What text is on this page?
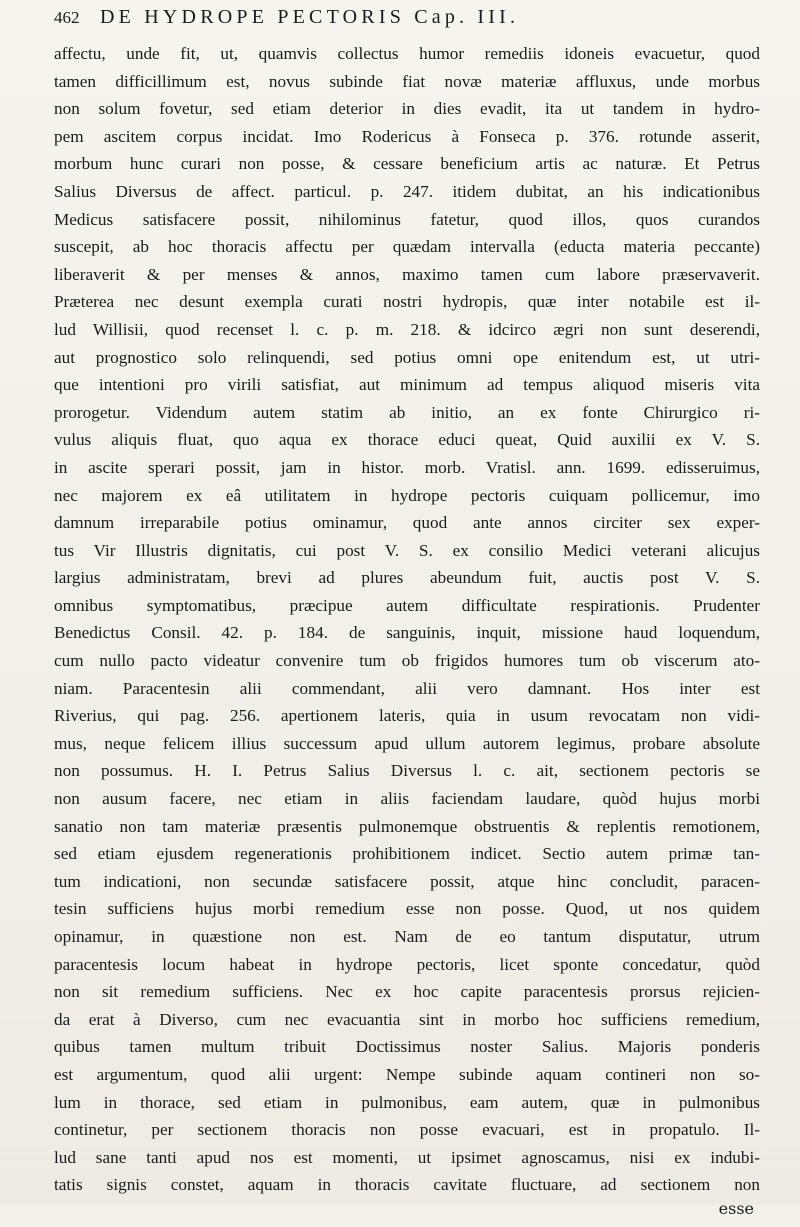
462	DE HYDROPE PECTORIS Cap. III.
affectu, unde fit, ut, quamvis collectus humor remediis idoneis evacuetur, quod
tamen difficillimum est, novus subinde fiat novæ materiæ affluxus, unde morbus
non solum fovetur, sed etiam deterior in dies evadit, ita ut tandem in hydro-
pem ascitem corpus incidat. Imo Rodericus à Fonseca p. 376. rotunde asserit,
morbum hunc curari non posse, & cessare beneficium artis ac naturæ. Et Petrus
Salius Diversus de affect. particul. p. 247. itidem dubitat, an his indicationibus
Medicus satisfacere possit, nihilominus fatetur, quod illos, quos curandos
suscepit, ab hoc thoracis affectu per quædam intervalla (educta materia peccante)
liberaverit & per menses & annos, maximo tamen cum labore præservaverit.
Præterea nec desunt exempla curati nostri hydropis, quæ inter notabile est il-
lud Willisii, quod recenset l. c. p. m. 218. & idcirco ægri non sunt deserendi,
aut prognostico solo relinquendi, sed potius omni ope enitendum est, ut utri-
que intentioni pro virili satisfiat, aut minimum ad tempus aliquod miseris vita
prorogetur. Videndum autem statim ab initio, an ex fonte Chirurgico ri-
vulus aliquis fluat, quo aqua ex thorace educi queat, Quid auxilii ex V. S.
in ascite sperari possit, jam in histor. morb. Vratisl. ann. 1699. edisseruimus,
nec majorem ex eâ utilitatem in hydrope pectoris cuiquam pollicemur, imo
damnum irreparabile potius ominamur, quod ante annos circiter sex exper-
tus Vir Illustris dignitatis, cui post V. S. ex consilio Medici veterani alicujus
largius administratam, brevi ad plures abeundum fuit, auctis post V. S.
omnibus symptomatibus, præcipue autem difficultate respirationis. Prudenter
Benedictus Consil. 42. p. 184. de sanguinis, inquit, missione haud loquendum,
cum nullo pacto videatur convenire tum ob frigidos humores tum ob viscerum ato-
niam. Paracentesin alii commendant, alii vero damnant. Hos inter est
Riverius, qui pag. 256. apertionem lateris, quia in usum revocatam non vidi-
mus, neque felicem illius successum apud ullum autorem legimus, probare absolute
non possumus. H. I. Petrus Salius Diversus l. c. ait, sectionem pectoris se
non ausum facere, nec etiam in aliis faciendam laudare, quòd hujus morbi
sanatio non tam materiæ præsentis pulmonemque obstruentis & replentis remotionem,
sed etiam ejusdem regenerationis prohibitionem indicet. Sectio autem primæ tan-
tum indicationi, non secundæ satisfacere possit, atque hinc concludit, paracen-
tesin sufficiens hujus morbi remedium esse non posse. Quod, ut nos quidem
opinamur, in quæstione non est. Nam de eo tantum disputatur, utrum
paracentesis locum habeat in hydrope pectoris, licet sponte concedatur, quòd
non sit remedium sufficiens. Nec ex hoc capite paracentesis prorsus rejicien-
da erat à Diverso, cum nec evacuantia sint in morbo hoc sufficiens remedium,
quibus tamen multum tribuit Doctissimus noster Salius. Majoris ponderis
est argumentum, quod alii urgent: Nempe subinde aquam contineri non so-
lum in thorace, sed etiam in pulmonibus, eam autem, quæ in pulmonibus
continetur, per sectionem thoracis non posse evacuari, est in propatulo. Il-
lud sane tanti apud nos est momenti, ut ipsimet agnoscamus, nisi ex indubi-
tatis signis constet, aquam in thoracis cavitate fluctuare, ad sectionem non
esse
